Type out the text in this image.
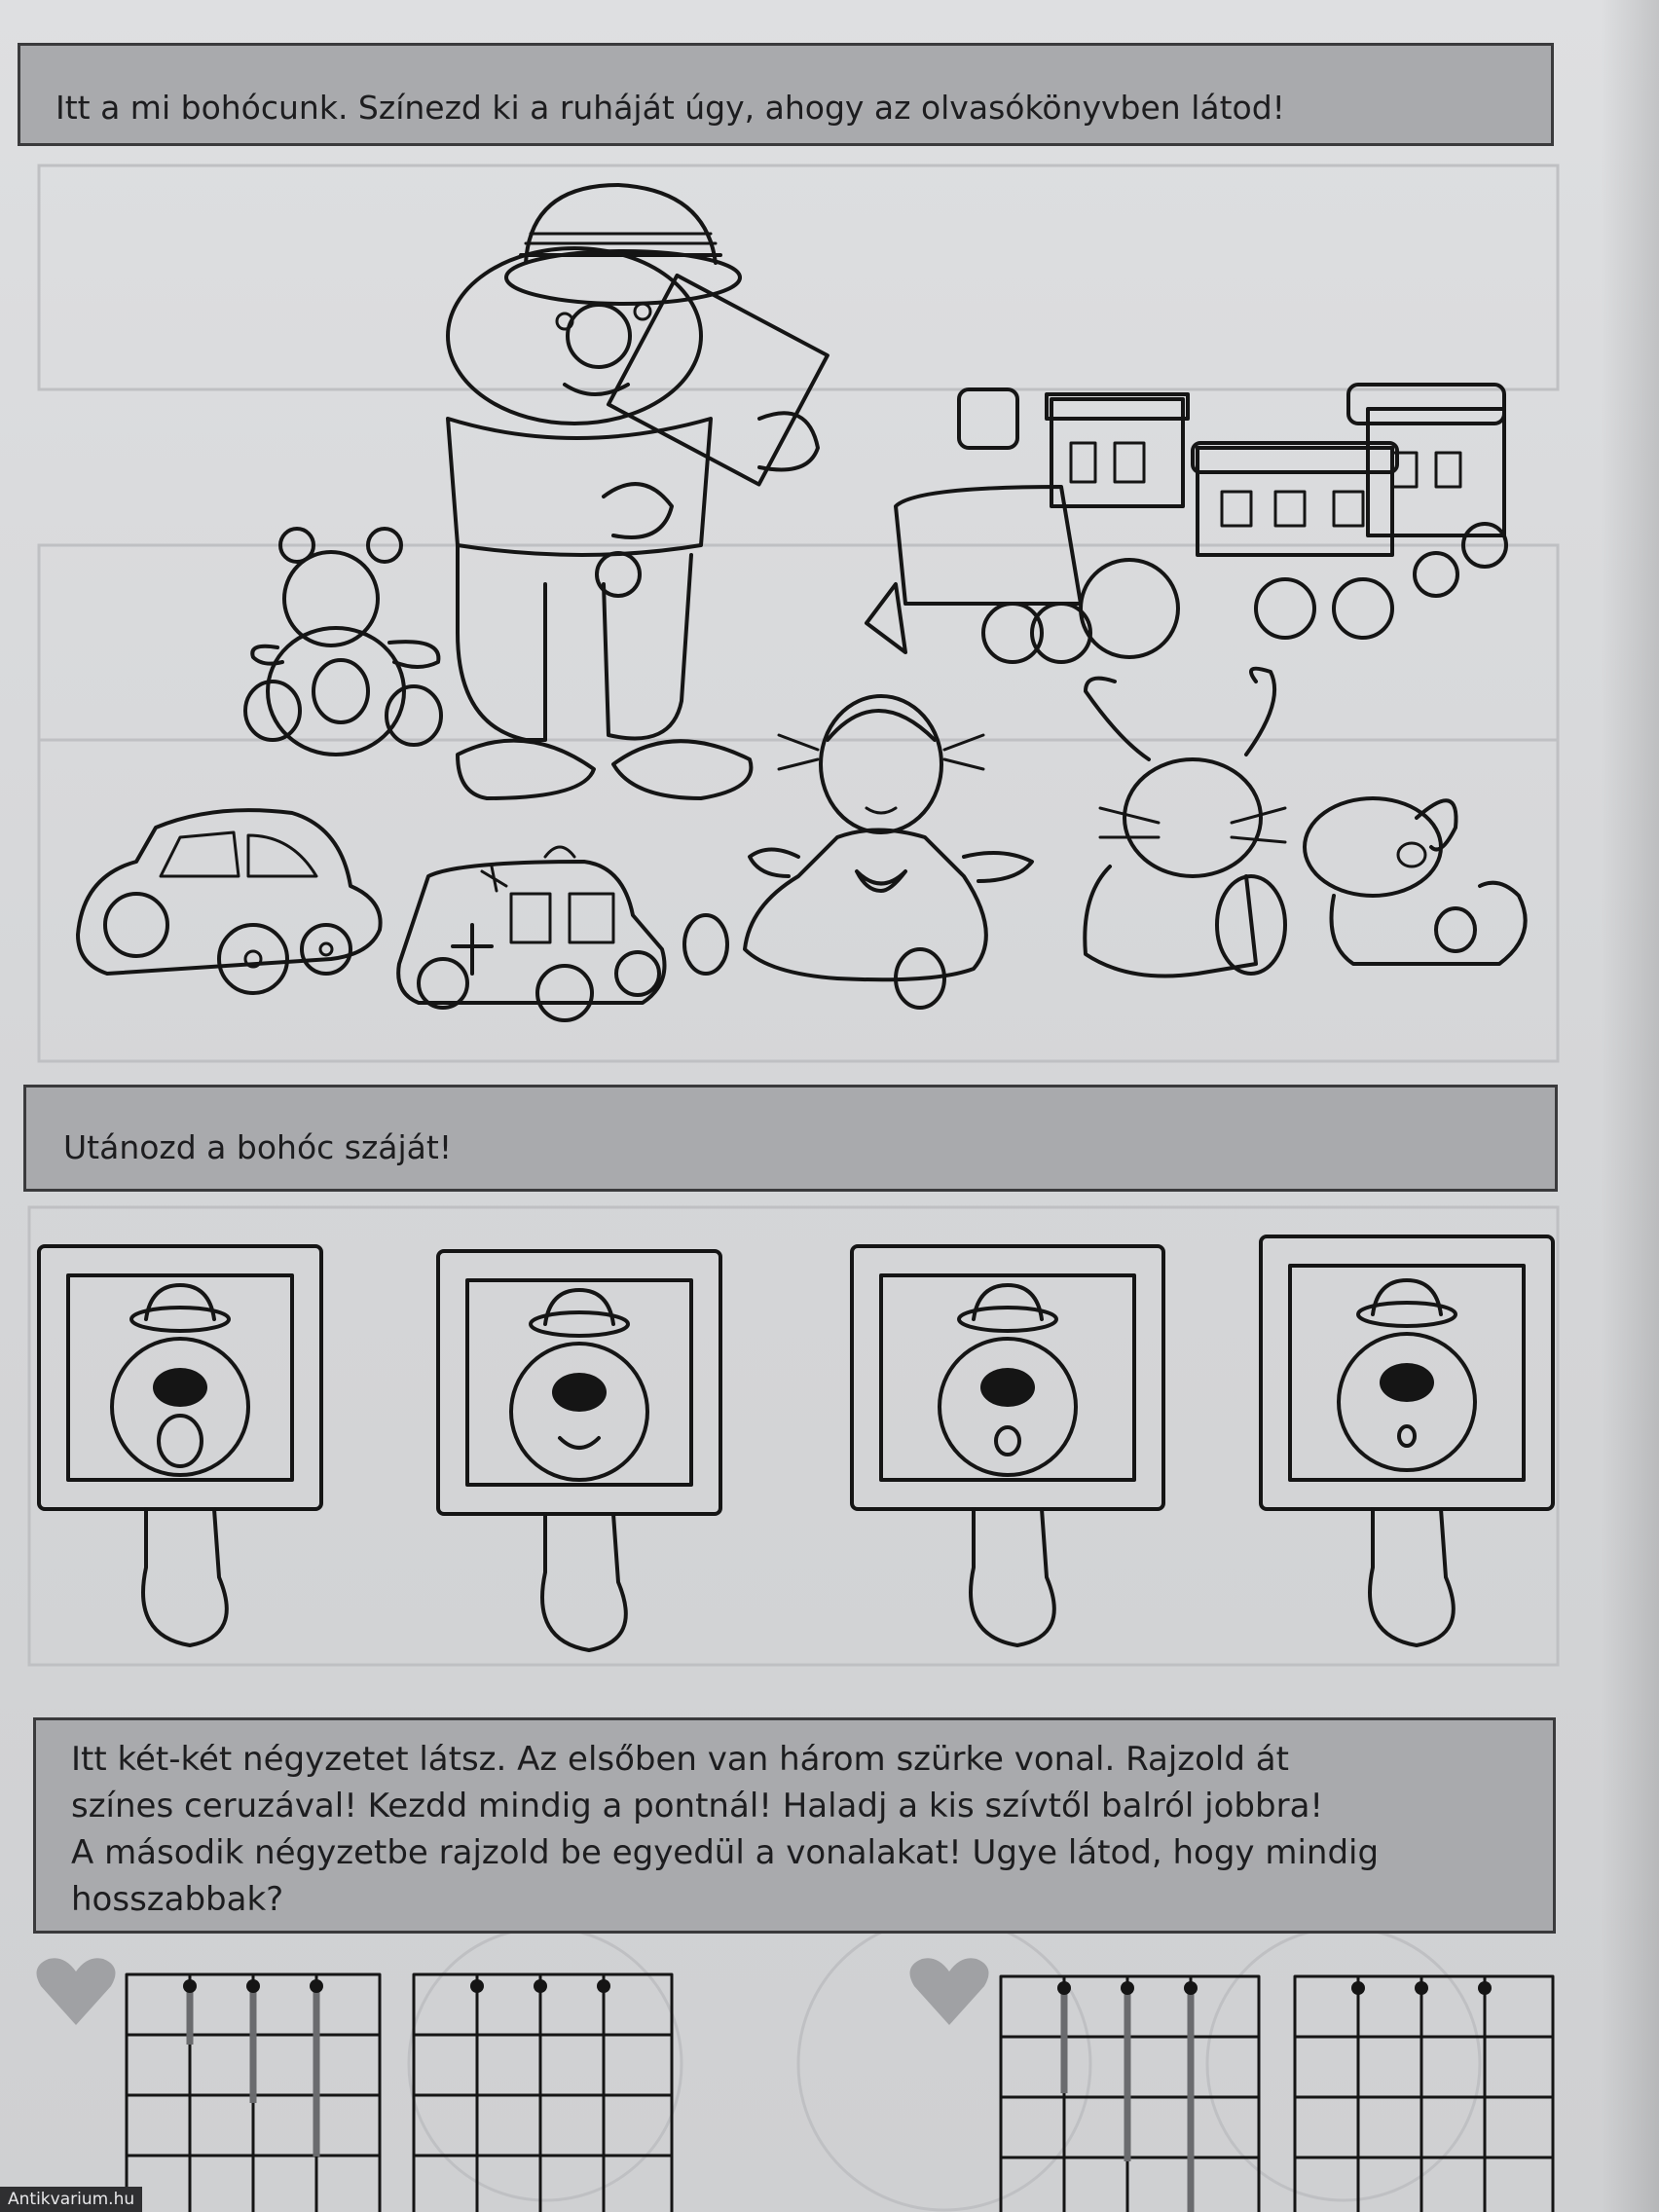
Itt a mi bohócunk. Színezd ki a ruháját úgy, ahogy az olvasókönyvben látod!

Utánozd a bohóc száját!

Itt két-két négyzetet látsz. Az elsőben van három szürke vonal. Rajzold át

színes ceruzával! Kezdd mindig a pontnál! Haladj a kis szívtől balról jobbra!

A második négyzetbe rajzold be egyedül a vonalakat! Ugye látod, hogy mindig

hosszabbak?

Antikvarium.hu
